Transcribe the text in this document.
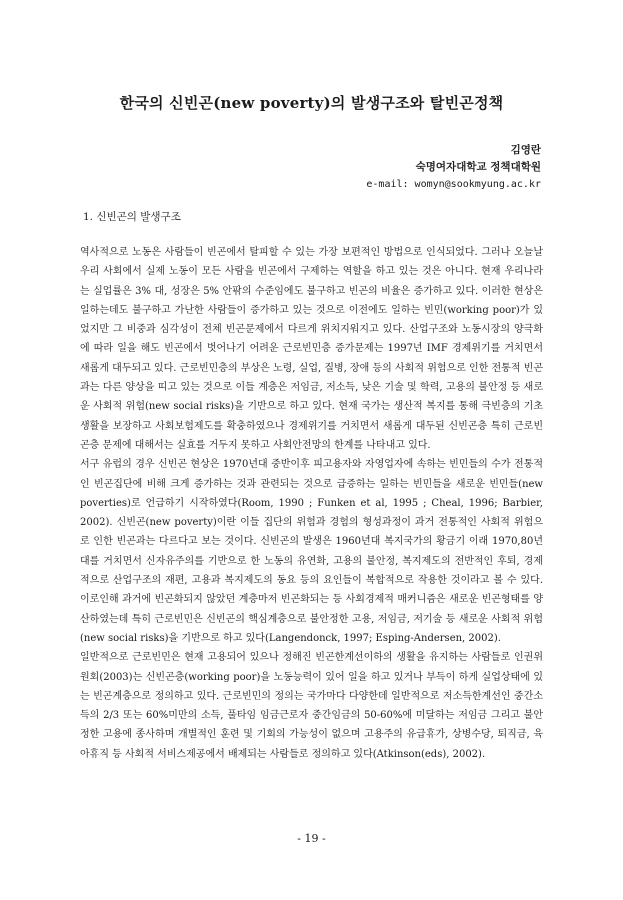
한국의 신빈곤(new poverty)의 발생구조와 탈빈곤정책
김영란
숙명여자대학교 정책대학원
e-mail: womyn@sookmyung.ac.kr
1. 신빈곤의 발생구조

역사적으로 노동은 사람들이 빈곤에서 탈피할 수 있는 가장 보편적인 방법으로 인식되었다. 그러나 오늘날 우리 사회에서 실제 노동이 모든 사람을 빈곤에서 구제하는 역할을 하고 있는 것은 아니다. 현재 우리나라는 실업률은 3% 대, 성장은 5% 안팎의 수준임에도 불구하고 빈곤의 비율은 증가하고 있다. 이러한 현상은 일하는데도 불구하고 가난한 사람들이 증가하고 있는 것으로 이전에도 일하는 빈민(working poor)가 있었지만 그 비중과 심각성이 전체 빈곤문제에서 다르게 위치지워지고 있다. 산업구조와 노동시장의 양극화에 따라 일을 해도 빈곤에서 벗어나기 어려운 근로빈민층 증가문제는 1997년 IMF 경제위기를 거치면서 새롭게 대두되고 있다. 근로빈민층의 부상은 노령, 실업, 질병, 장애 등의 사회적 위험으로 인한 전통적 빈곤과는 다른 양상을 띠고 있는 것으로 이들 계층은 저임금, 저소득, 낮은 기술 및 학력, 고용의 불안정 등 새로운 사회적 위험(new social risks)을 기반으로 하고 있다. 현재 국가는 생산적 복지를 통해 극빈층의 기초생활을 보장하고 사회보험제도를 확충하였으나 경제위기를 거치면서 새롭게 대두된 신빈곤층 특히 근로빈곤층 문제에 대해서는 실효를 거두지 못하고 사회안전망의 한계를 나타내고 있다.

서구 유럽의 경우 신빈곤 현상은 1970년대 중반이후 피고용자와 자영업자에 속하는 빈민들의 수가 전통적인 빈곤집단에 비해 크게 증가하는 것과 관련되는 것으로 급증하는 일하는 빈민들을 새로운 빈민들(new poverties)로 언급하기 시작하였다(Room, 1990 ; Funken et al, 1995 ; Cheal, 1996; Barbier, 2002). 신빈곤(new poverty)이란 이들 집단의 위험과 경험의 형성과정이 과거 전통적인 사회적 위험으로 인한 빈곤과는 다르다고 보는 것이다. 신빈곤의 발생은 1960년대 복지국가의 황금기 이래 1970,80년대를 거치면서 신자유주의를 기반으로 한 노동의 유연화, 고용의 불안정, 복지제도의 전반적인 후퇴, 경제적으로 산업구조의 재편, 고용과 복지제도의 동요 등의 요인들이 복합적으로 작용한 것이라고 볼 수 있다. 이로인해 과거에 빈곤화되지 않았던 계층마저 빈곤화되는 등 사회경제적 매커니즘은 새로운 빈곤형태를 양산하였는데 특히 근로빈민은 신빈곤의 핵심계층으로 불안정한 고용, 저임금, 저기술 등 새로운 사회적 위험(new social risks)을 기반으로 하고 있다(Langendonck, 1997; Esping-Andersen, 2002).

일반적으로 근로빈민은 현재 고용되어 있으나 정해진 빈곤한계선이하의 생활을 유지하는 사람들로 인권위원회(2003)는 신빈곤층(working poor)을 노동능력이 있어 일을 하고 있거나 부득이 하게 실업상태에 있는 빈곤계층으로 정의하고 있다. 근로빈민의 정의는 국가마다 다양한데 일반적으로 저소득한계선인 중간소득의 2/3 또는 60%미만의 소득, 풀타임 임금근로자 중간임금의 50-60%에 미달하는 저임금 그리고 불안정한 고용에 종사하며 개별적인 훈련 및 기회의 가능성이 없으며 고용주의 유급휴가, 상병수당, 퇴직금, 육아휴직 등 사회적 서비스제공에서 배제되는 사람들로 정의하고 있다(Atkinson(eds), 2002).

- 19 -
